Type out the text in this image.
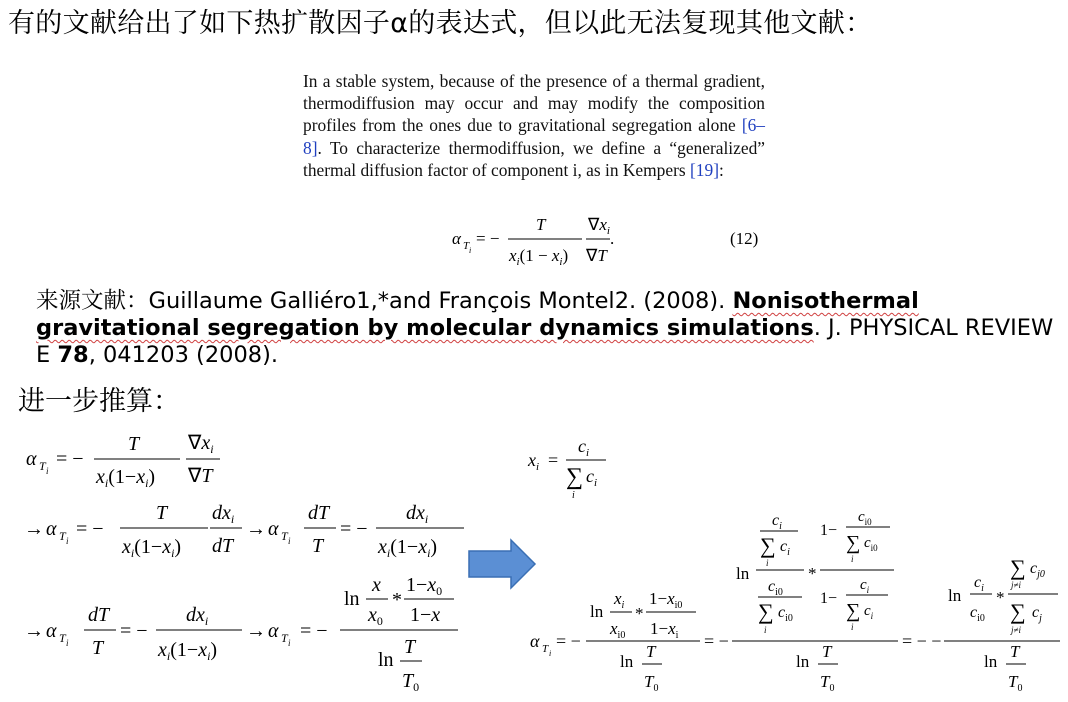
有的文献给出了如下热扩散因子α的表达式，但以此无法复现其他文献：
In a stable system, because of the presence of a thermal gradient, thermodiffusion may occur and may modify the composition profiles from the ones due to gravitational segregation alone [6–8]. To characterize thermodiffusion, we define a “generalized” thermal diffusion factor of component i, as in Kempers [19]:
α T i
= −
T
$x_i(1 - x_i)$
$\nabla x_i$
∇T
.	(12)
来源文献：Guillaume Galliéro1,*and François Montel2. (2008). Nonisothermal gravitational segregation by molecular dynamics simulations. J. PHYSICAL REVIEW E 78, 041203 (2008).
进一步推算：
α T i
= −
T
$x_i(1-x_i)$
$\nabla x_i$
∇T
→ α T i
= −
T
$x_i(1-x_i)$
$dx_i$
dT
→ α T i
dT
T
= −
$dx_i$
$x_i(1-x_i)$
→ α T i
dT
T
= −
$dx_i$
$x_i(1-x_i)$
→ α T i
= −
ln
x
$x_0$
*
$1-x_0$
1−x
ln
T
$T_0$
$x_i$ =
$c_i$
∑ $c_i$
i
α T i
= −
ln
$x_i$
$x_{i0}$
*
$1-x_{i0}$
$1-x_i$
ln
T
$T_0$
= −
ln
$c_i$
∑ $c_i$
i
$c_{i0}$
∑ $c_{i0}$
i
*
1−
$c_{i0}$
∑ $c_{i0}$
i
1−
$c_i$
∑ $c_i$
i
ln
T
$T_0$
= − −
ln
$c_i$
$c_{i0}$
*
∑ $c_{j0}$
j≠i
∑ $c_j$
j≠i
ln
T
$T_0$
